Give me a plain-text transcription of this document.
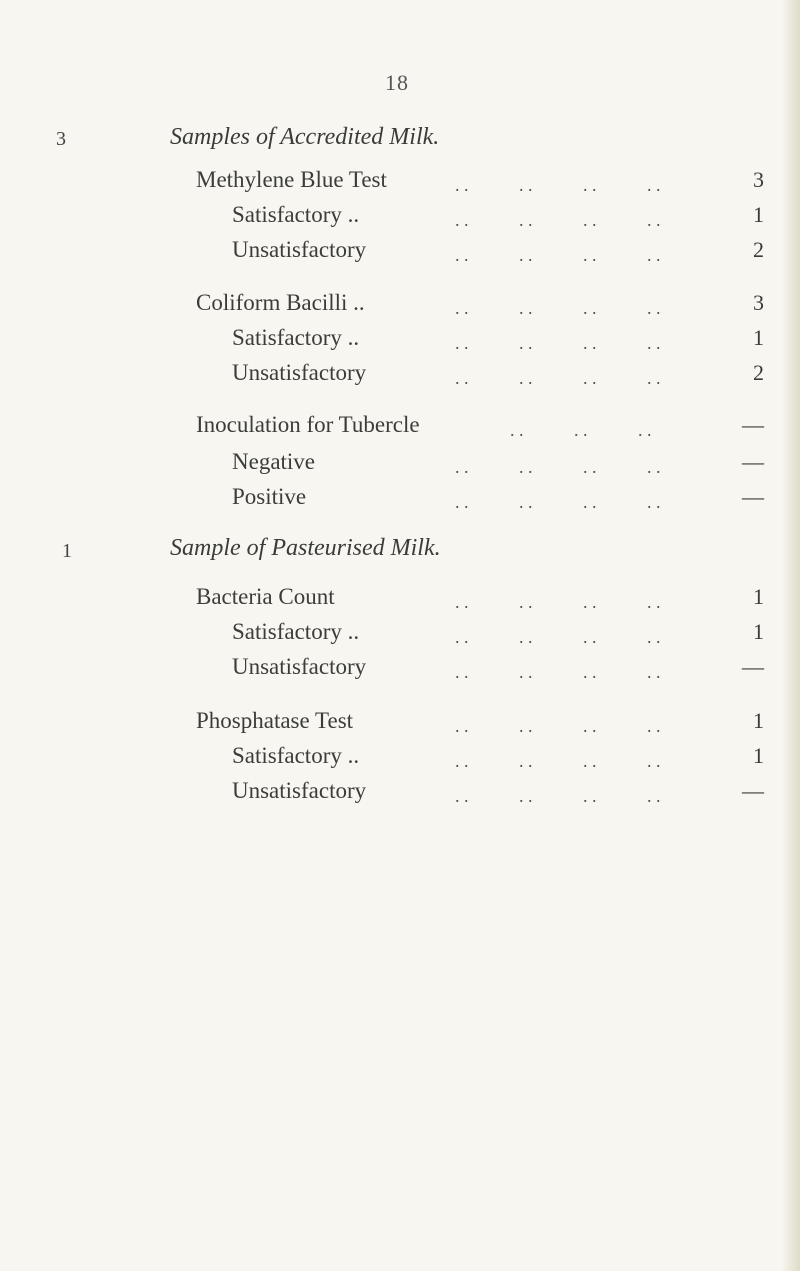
18
3	Samples of Accredited Milk.
Methylene Blue Test	. .	. .	. .	. .	3
Satisfactory ..	. .	. .	. .	. .	1
Unsatisfactory	. .	. .	. .	. .	2
Coliform Bacilli ..	. .	. .	. .	. .	3
Satisfactory ..	. .	. .	. .	. .	1
Unsatisfactory	. .	. .	. .	. .	2
Inoculation for Tubercle	. .	. .	. .	—
Negative	. .	. .	. .	. .	—
Positive	. .	. .	. .	. .	—
1	Sample of Pasteurised Milk.
Bacteria Count	. .	. .	. .	. .	1
Satisfactory ..	. .	. .	. .	. .	1
Unsatisfactory	. .	. .	. .	. .	—
Phosphatase Test	. .	. .	. .	. .	1
Satisfactory ..	. .	. .	. .	. .	1
Unsatisfactory	. .	. .	. .	. .	—
